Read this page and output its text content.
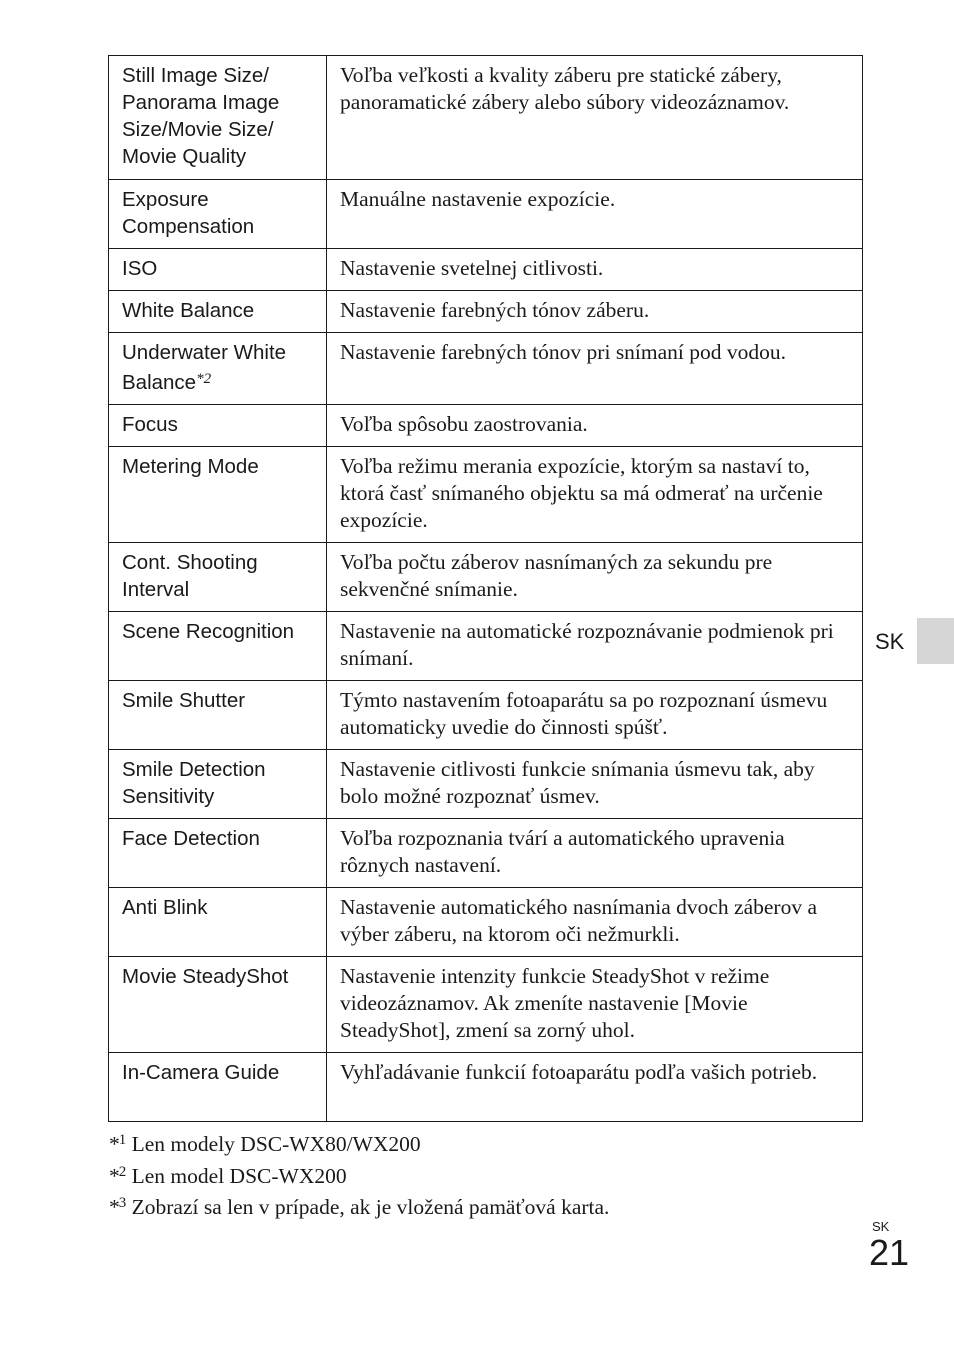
Still Image Size/ Panorama Image Size/Movie Size/ Movie Quality	Voľba veľkosti a kvality záberu pre statické zábery, panoramatické zábery alebo súbory videozáznamov.
Exposure Compensation	Manuálne nastavenie expozície.
ISO	Nastavenie svetelnej citlivosti.
White Balance	Nastavenie farebných tónov záberu.
Underwater White Balance$^{*2}$	Nastavenie farebných tónov pri snímaní pod vodou.
Focus	Voľba spôsobu zaostrovania.
Metering Mode	Voľba režimu merania expozície, ktorým sa nastaví to, ktorá časť snímaného objektu sa má odmerať na určenie expozície.
Cont. Shooting Interval	Voľba počtu záberov nasnímaných za sekundu pre sekvenčné snímanie.
Scene Recognition	Nastavenie na automatické rozpoznávanie podmienok pri snímaní.
Smile Shutter	Týmto nastavením fotoaparátu sa po rozpoznaní úsmevu automaticky uvedie do činnosti spúšť.
Smile Detection Sensitivity	Nastavenie citlivosti funkcie snímania úsmevu tak, aby bolo možné rozpoznať úsmev.
Face Detection	Voľba rozpoznania tvárí a automatického upravenia rôznych nastavení.
Anti Blink	Nastavenie automatického nasnímania dvoch záberov a výber záberu, na ktorom oči nežmurkli.
Movie SteadyShot	Nastavenie intenzity funkcie SteadyShot v režime videozáznamov. Ak zmeníte nastavenie [Movie SteadyShot], zmení sa zorný uhol.
In-Camera Guide	Vyhľadávanie funkcií fotoaparátu podľa vašich potrieb.
*$^1$ Len modely DSC-WX80/WX200
*$^2$ Len model DSC-WX200
*$^3$ Zobrazí sa len v prípade, ak je vložená pamäťová karta.
SK
SK
21
